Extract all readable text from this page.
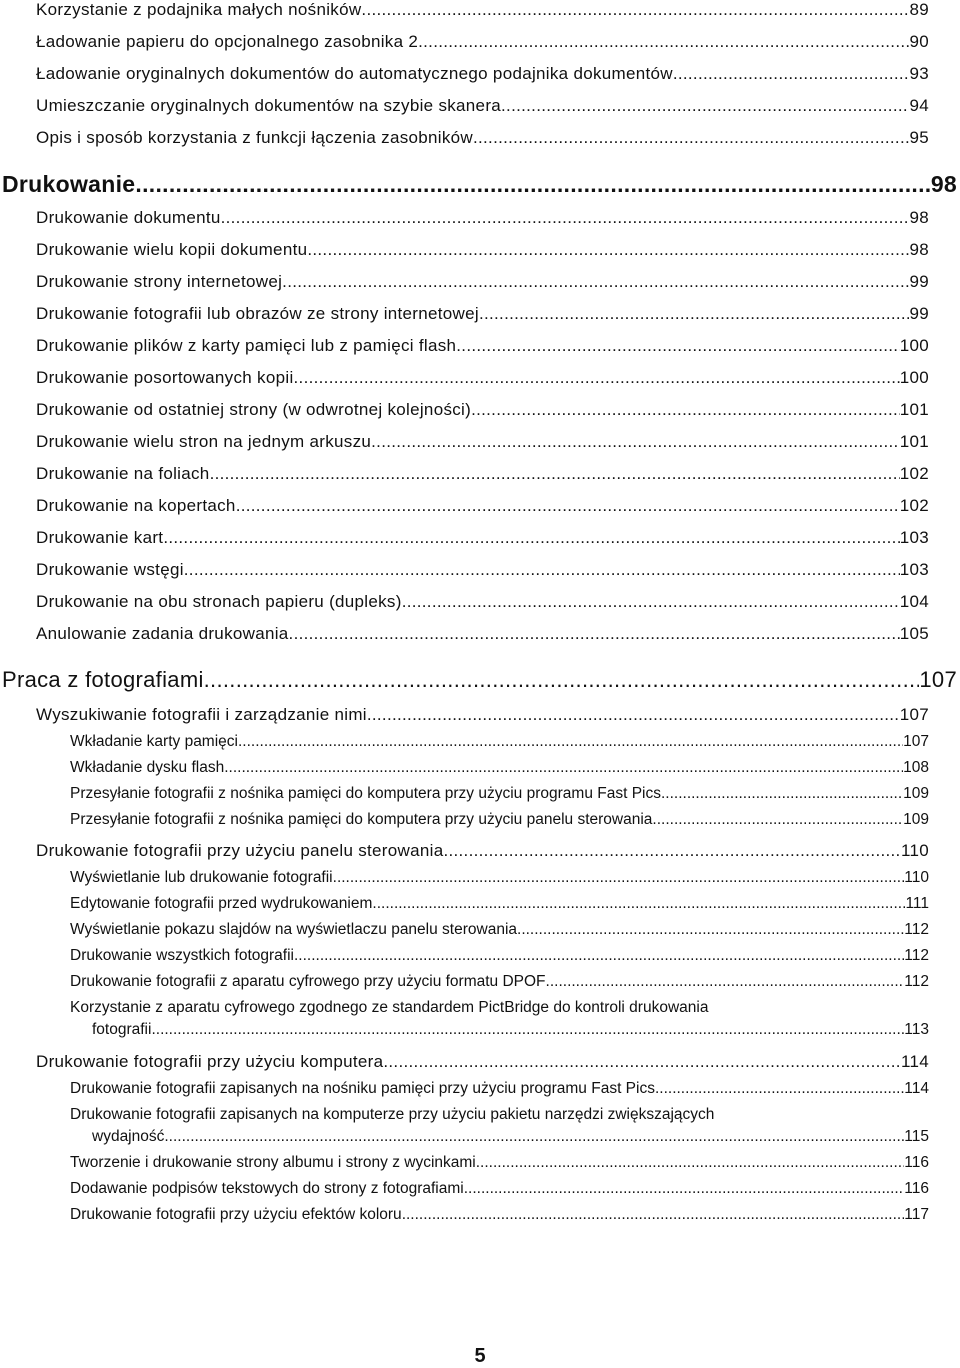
Korzystanie z podajnika małych nośników .....	89
Ładowanie papieru do opcjonalnego zasobnika 2 .....	90
Ładowanie oryginalnych dokumentów do automatycznego podajnika dokumentów .....	93
Umieszczanie oryginalnych dokumentów na szybie skanera .....	94
Opis i sposób korzystania z funkcji łączenia zasobników .....	95
Drukowanie .....	98
Drukowanie dokumentu .....	98
Drukowanie wielu kopii dokumentu .....	98
Drukowanie strony internetowej .....	99
Drukowanie fotografii lub obrazów ze strony internetowej .....	99
Drukowanie plików z karty pamięci lub z pamięci flash .....	100
Drukowanie posortowanych kopii .....	100
Drukowanie od ostatniej strony (w odwrotnej kolejności) .....	101
Drukowanie wielu stron na jednym arkuszu .....	101
Drukowanie na foliach .....	102
Drukowanie na kopertach .....	102
Drukowanie kart .....	103
Drukowanie wstęgi .....	103
Drukowanie na obu stronach papieru (dupleks) .....	104
Anulowanie zadania drukowania .....	105
Praca z fotografiami .....	107
Wyszukiwanie fotografii i zarządzanie nimi .....	107
Wkładanie karty pamięci .....	107
Wkładanie dysku flash .....	108
Przesyłanie fotografii z nośnika pamięci do komputera przy użyciu programu Fast Pics .....	109
Przesyłanie fotografii z nośnika pamięci do komputera przy użyciu panelu sterowania .....	109
Drukowanie fotografii przy użyciu panelu sterowania .....	110
Wyświetlanie lub drukowanie fotografii .....	110
Edytowanie fotografii przed wydrukowaniem .....	111
Wyświetlanie pokazu slajdów na wyświetlaczu panelu sterowania .....	112
Drukowanie wszystkich fotografii .....	112
Drukowanie fotografii z aparatu cyfrowego przy użyciu formatu DPOF .....	112
Korzystanie z aparatu cyfrowego zgodnego ze standardem PictBridge do kontroli drukowania
fotografii .....	113
Drukowanie fotografii przy użyciu komputera .....	114
Drukowanie fotografii zapisanych na nośniku pamięci przy użyciu programu Fast Pics .....	114
Drukowanie fotografii zapisanych na komputerze przy użyciu pakietu narzędzi zwiększających
wydajność .....	115
Tworzenie i drukowanie strony albumu i strony z wycinkami .....	116
Dodawanie podpisów tekstowych do strony z fotografiami .....	116
Drukowanie fotografii przy użyciu efektów koloru .....	117
5
